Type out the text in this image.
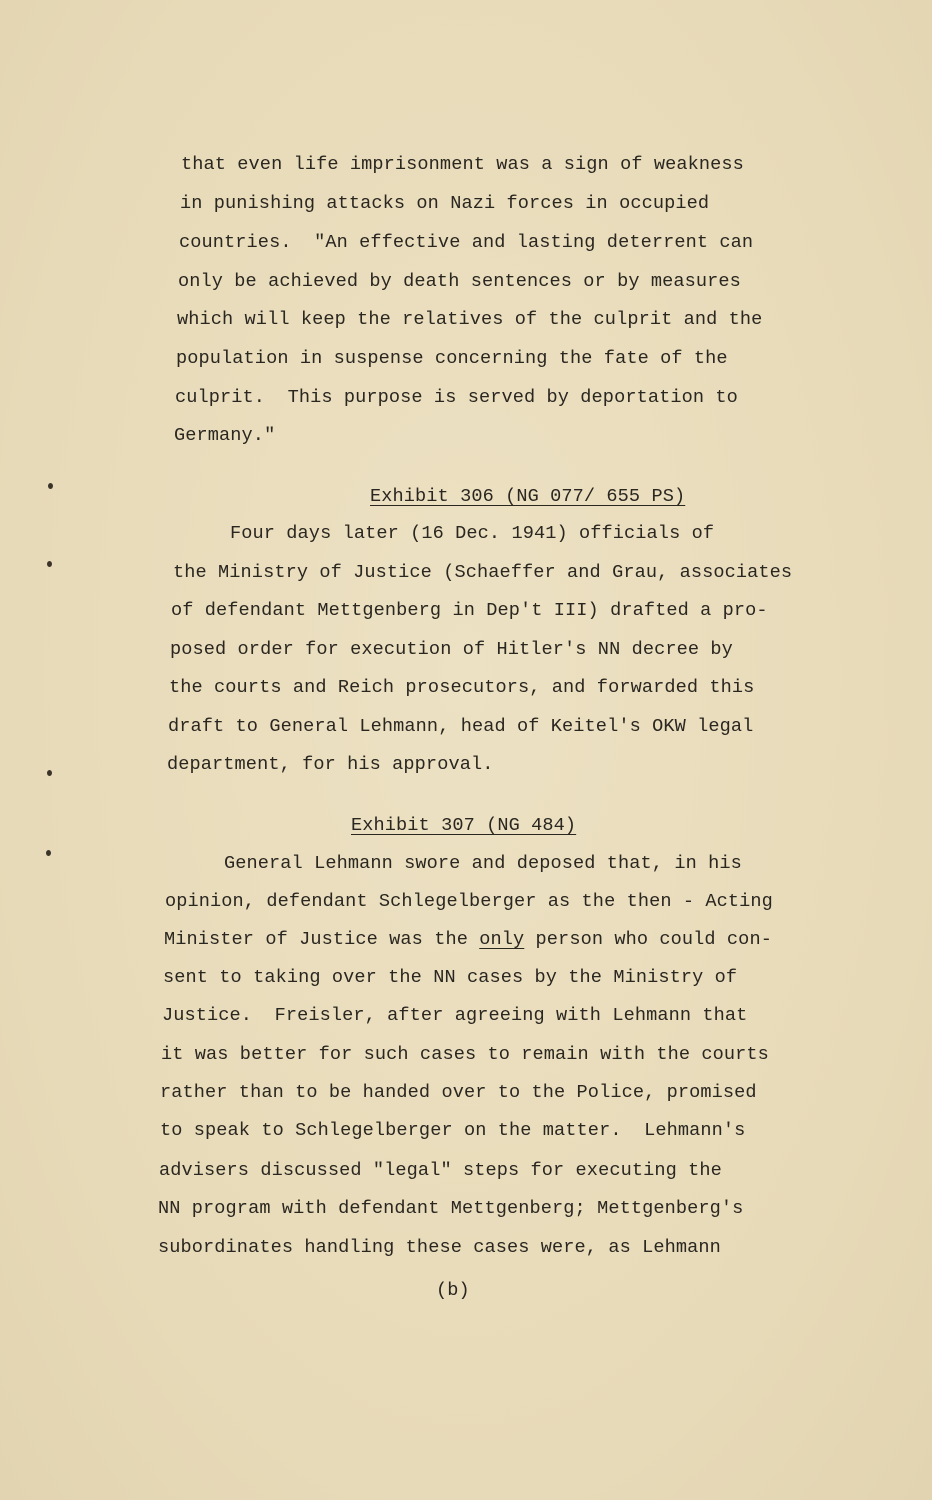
that even life imprisonment was a sign of weakness
in punishing attacks on Nazi forces in occupied
countries.  "An effective and lasting deterrent can
only be achieved by death sentences or by measures
which will keep the relatives of the culprit and the
population in suspense concerning the fate of the
culprit.  This purpose is served by deportation to
Germany."
Exhibit 306 (NG 077/ 655 PS)
Four days later (16 Dec. 1941) officials of
the Ministry of Justice (Schaeffer and Grau, associates
of defendant Mettgenberg in Dep't III) drafted a pro-
posed order for execution of Hitler's NN decree by
the courts and Reich prosecutors, and forwarded this
draft to General Lehmann, head of Keitel's OKW legal
department, for his approval.
Exhibit 307 (NG 484)
General Lehmann swore and deposed that, in his
opinion, defendant Schlegelberger as the then - Acting
Minister of Justice was the only person who could con-
sent to taking over the NN cases by the Ministry of
Justice.  Freisler, after agreeing with Lehmann that
it was better for such cases to remain with the courts
rather than to be handed over to the Police, promised
to speak to Schlegelberger on the matter.  Lehmann's
advisers discussed "legal" steps for executing the
NN program with defendant Mettgenberg; Mettgenberg's
subordinates handling these cases were, as Lehmann
(b)
